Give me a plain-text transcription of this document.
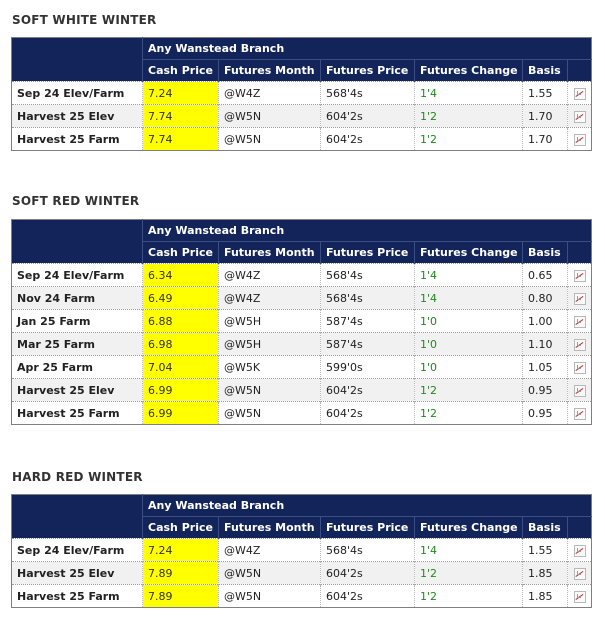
SOFT WHITE WINTER
	Any Wanstead Branch					
	Cash Price	Futures Month	Futures Price	Futures Change	Basis	
Sep 24 Elev/Farm	7.24	@W4Z	568'4s	1'4	1.55	
Harvest 25 Elev	7.74	@W5N	604'2s	1'2	1.70	
Harvest 25 Farm	7.74	@W5N	604'2s	1'2	1.70	
SOFT RED WINTER
	Any Wanstead Branch					
	Cash Price	Futures Month	Futures Price	Futures Change	Basis	
Sep 24 Elev/Farm	6.34	@W4Z	568'4s	1'4	0.65	
Nov 24 Farm	6.49	@W4Z	568'4s	1'4	0.80	
Jan 25 Farm	6.88	@W5H	587'4s	1'0	1.00	
Mar 25 Farm	6.98	@W5H	587'4s	1'0	1.10	
Apr 25 Farm	7.04	@W5K	599'0s	1'0	1.05	
Harvest 25 Elev	6.99	@W5N	604'2s	1'2	0.95	
Harvest 25 Farm	6.99	@W5N	604'2s	1'2	0.95	
HARD RED WINTER
	Any Wanstead Branch					
	Cash Price	Futures Month	Futures Price	Futures Change	Basis	
Sep 24 Elev/Farm	7.24	@W4Z	568'4s	1'4	1.55	
Harvest 25 Elev	7.89	@W5N	604'2s	1'2	1.85	
Harvest 25 Farm	7.89	@W5N	604'2s	1'2	1.85	
